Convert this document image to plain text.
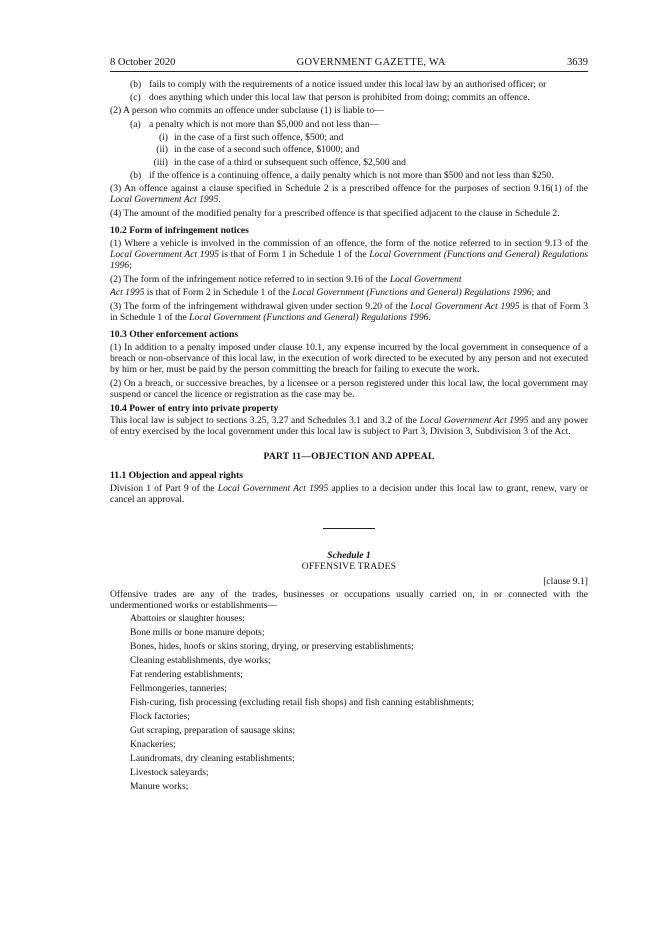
8 October 2020	GOVERNMENT GAZETTE, WA	3639
(b) fails to comply with the requirements of a notice issued under this local law by an authorised officer; or
(c) does anything which under this local law that person is prohibited from doing; commits an offence.

(2) A person who commits an offence under subclause (1) is liable to—

(a) a penalty which is not more than $5,000 and not less than—
(i) in the case of a first such offence, $500; and
(ii) in the case of a second such offence, $1000; and
(iii) in the case of a third or subsequent such offence, $2,500 and
(b) if the offence is a continuing offence, a daily penalty which is not more than $500 and not less than $250.

(3) An offence against a clause specified in Schedule 2 is a prescribed offence for the purposes of section 9.16(1) of the Local Government Act 1995.

(4) The amount of the modified penalty for a prescribed offence is that specified adjacent to the clause in Schedule 2.

10.2 Form of infringement notices

(1) Where a vehicle is involved in the commission of an offence, the form of the notice referred to in section 9.13 of the Local Government Act 1995 is that of Form 1 in Schedule 1 of the Local Government (Functions and General) Regulations 1996;

(2) The form of the infringement notice referred to in section 9.16 of the Local Government

Act 1995 is that of Form 2 in Schedule 1 of the Local Government (Functions and General) Regulations 1996; and

(3) The form of the infringement withdrawal given under section 9.20 of the Local Government Act 1995 is that of Form 3 in Schedule 1 of the Local Government (Functions and General) Regulations 1996.

10.3 Other enforcement actions

(1) In addition to a penalty imposed under clause 10.1, any expense incurred by the local government in consequence of a breach or non-observance of this local law, in the execution of work directed to be executed by any person and not executed by him or her, must be paid by the person committing the breach for failing to execute the work.

(2) On a breach, or successive breaches, by a licensee or a person registered under this local law, the local government may suspend or cancel the licence or registration as the case may be.

10.4 Power of entry into private property

This local law is subject to sections 3.25, 3.27 and Schedules 3.1 and 3.2 of the Local Government Act 1995 and any power of entry exercised by the local government under this local law is subject to Part 3, Division 3, Subdivision 3 of the Act.

PART 11—OBJECTION AND APPEAL
11.1 Objection and appeal rights

Division 1 of Part 9 of the Local Government Act 1995 applies to a decision under this local law to grant, renew, vary or cancel an approval.

Schedule 1
OFFENSIVE TRADES
[clause 9.1]

Offensive trades are any of the trades, businesses or occupations usually carried on, in or connected with the undermentioned works or establishments—

Abattoirs or slaughter houses;
Bone mills or bone manure depots;
Bones, hides, hoofs or skins storing, drying, or preserving establishments;
Cleaning establishments, dye works;
Fat rendering establishments;
Fellmongeries, tanneries;
Fish-curing, fish processing (excluding retail fish shops) and fish canning establishments;
Flock factories;
Gut scraping, preparation of sausage skins;
Knackeries;
Laundromats, dry cleaning establishments;
Livestock saleyards;
Manure works;
